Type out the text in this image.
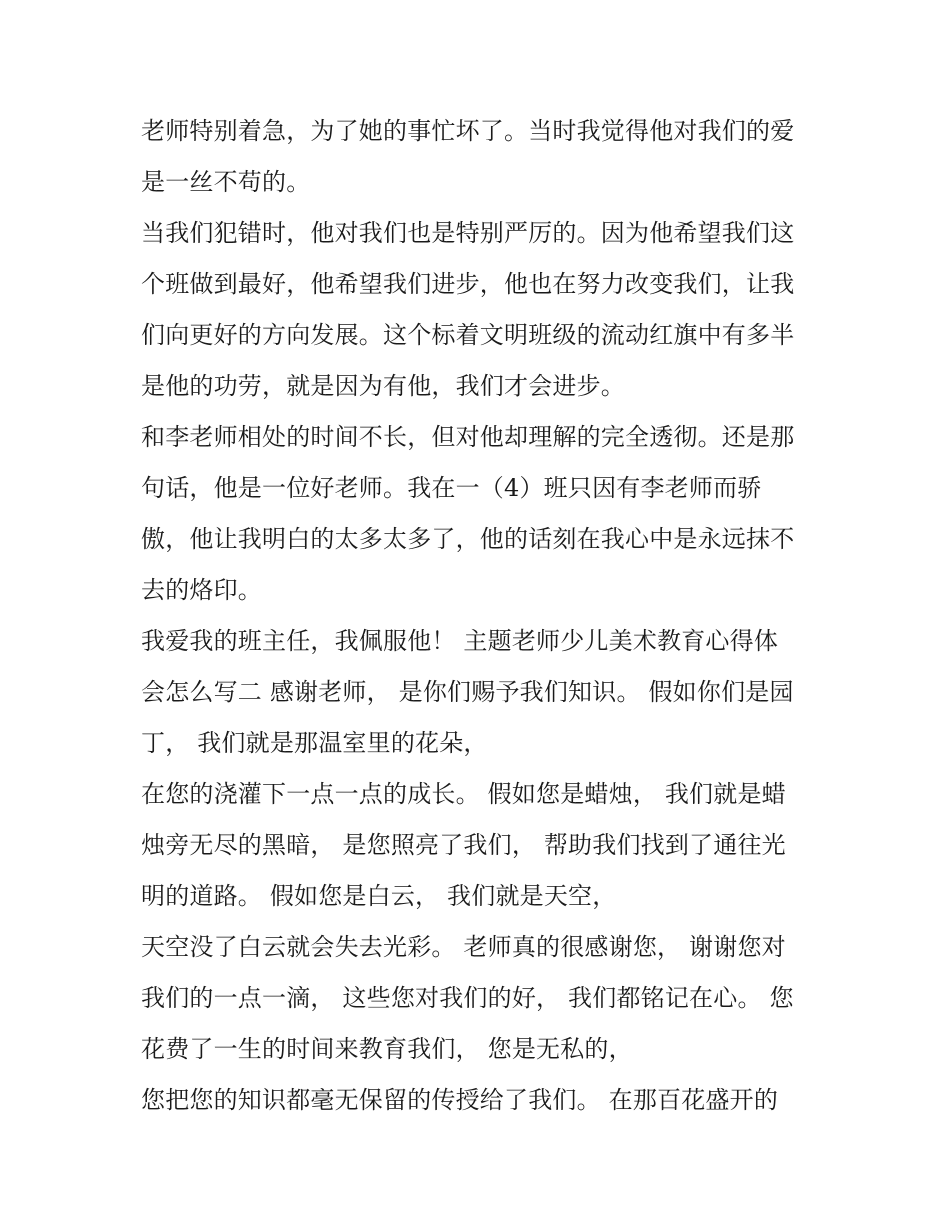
老师特别着急，为了她的事忙坏了。当时我觉得他对我们的爱
是一丝不苟的。
当我们犯错时，他对我们也是特别严厉的。因为他希望我们这
个班做到最好，他希望我们进步，他也在努力改变我们，让我
们向更好的方向发展。这个标着文明班级的流动红旗中有多半
是他的功劳，就是因为有他，我们才会进步。
和李老师相处的时间不长，但对他却理解的完全透彻。还是那
句话，他是一位好老师。我在一（4）班只因有李老师而骄
傲，他让我明白的太多太多了，他的话刻在我心中是永远抹不
去的烙印。
我爱我的班主任，我佩服他！ 主题老师少儿美术教育心得体
会怎么写二 感谢老师， 是你们赐予我们知识。 假如你们是园
丁， 我们就是那温室里的花朵，
在您的浇灌下一点一点的成长。 假如您是蜡烛， 我们就是蜡
烛旁无尽的黑暗， 是您照亮了我们， 帮助我们找到了通往光
明的道路。 假如您是白云， 我们就是天空，
天空没了白云就会失去光彩。 老师真的很感谢您， 谢谢您对
我们的一点一滴， 这些您对我们的好， 我们都铭记在心。 您
花费了一生的时间来教育我们， 您是无私的，
您把您的知识都毫无保留的传授给了我们。 在那百花盛开的
